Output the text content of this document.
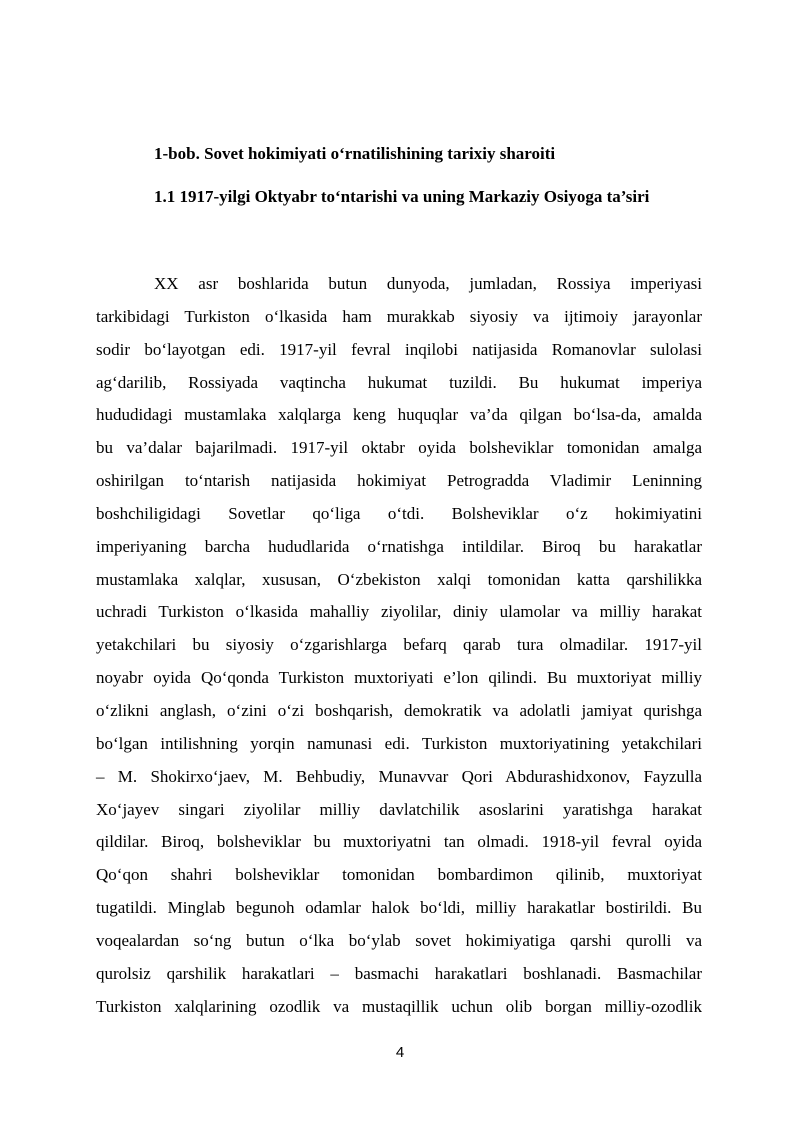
1-bob. Sovet hokimiyati o‘rnatilishining tarixiy sharoiti
1.1 1917-yilgi Oktyabr to‘ntarishi va uning Markaziy Osiyoga ta’siri
XX asr boshlarida butun dunyoda, jumladan, Rossiya imperiyasi
tarkibidagi Turkiston o‘lkasida ham murakkab siyosiy va ijtimoiy jarayonlar
sodir bo‘layotgan edi. 1917-yil fevral inqilobi natijasida Romanovlar sulolasi
ag‘darilib, Rossiyada vaqtincha hukumat tuzildi. Bu hukumat imperiya
hududidagi mustamlaka xalqlarga keng huquqlar va’da qilgan bo‘lsa-da, amalda
bu va’dalar bajarilmadi. 1917-yil oktabr oyida bolsheviklar tomonidan amalga
oshirilgan to‘ntarish natijasida hokimiyat Petrogradda Vladimir Leninning
boshchiligidagi Sovetlar qo‘liga o‘tdi. Bolsheviklar o‘z hokimiyatini
imperiyaning barcha hududlarida o‘rnatishga intildilar. Biroq bu harakatlar
mustamlaka xalqlar, xususan, O‘zbekiston xalqi tomonidan katta qarshilikka
uchradi Turkiston o‘lkasida mahalliy ziyolilar, diniy ulamolar va milliy harakat
yetakchilari bu siyosiy o‘zgarishlarga befarq qarab tura olmadilar. 1917-yil
noyabr oyida Qo‘qonda Turkiston muxtoriyati e’lon qilindi. Bu muxtoriyat milliy
o‘zlikni anglash, o‘zini o‘zi boshqarish, demokratik va adolatli jamiyat qurishga
bo‘lgan intilishning yorqin namunasi edi. Turkiston muxtoriyatining yetakchilari
– M. Shokirxo‘jaev, M. Behbudiy, Munavvar Qori Abdurashidxonov, Fayzulla
Xo‘jayev singari ziyolilar milliy davlatchilik asoslarini yaratishga harakat
qildilar. Biroq, bolsheviklar bu muxtoriyatni tan olmadi. 1918-yil fevral oyida
Qo‘qon shahri bolsheviklar tomonidan bombardimon qilinib, muxtoriyat
tugatildi. Minglab begunoh odamlar halok bo‘ldi, milliy harakatlar bostirildi. Bu
voqealardan so‘ng butun o‘lka bo‘ylab sovet hokimiyatiga qarshi qurolli va
qurolsiz qarshilik harakatlari – basmachi harakatlari boshlanadi. Basmachilar
Turkiston xalqlarining ozodlik va mustaqillik uchun olib borgan milliy-ozodlik
4
